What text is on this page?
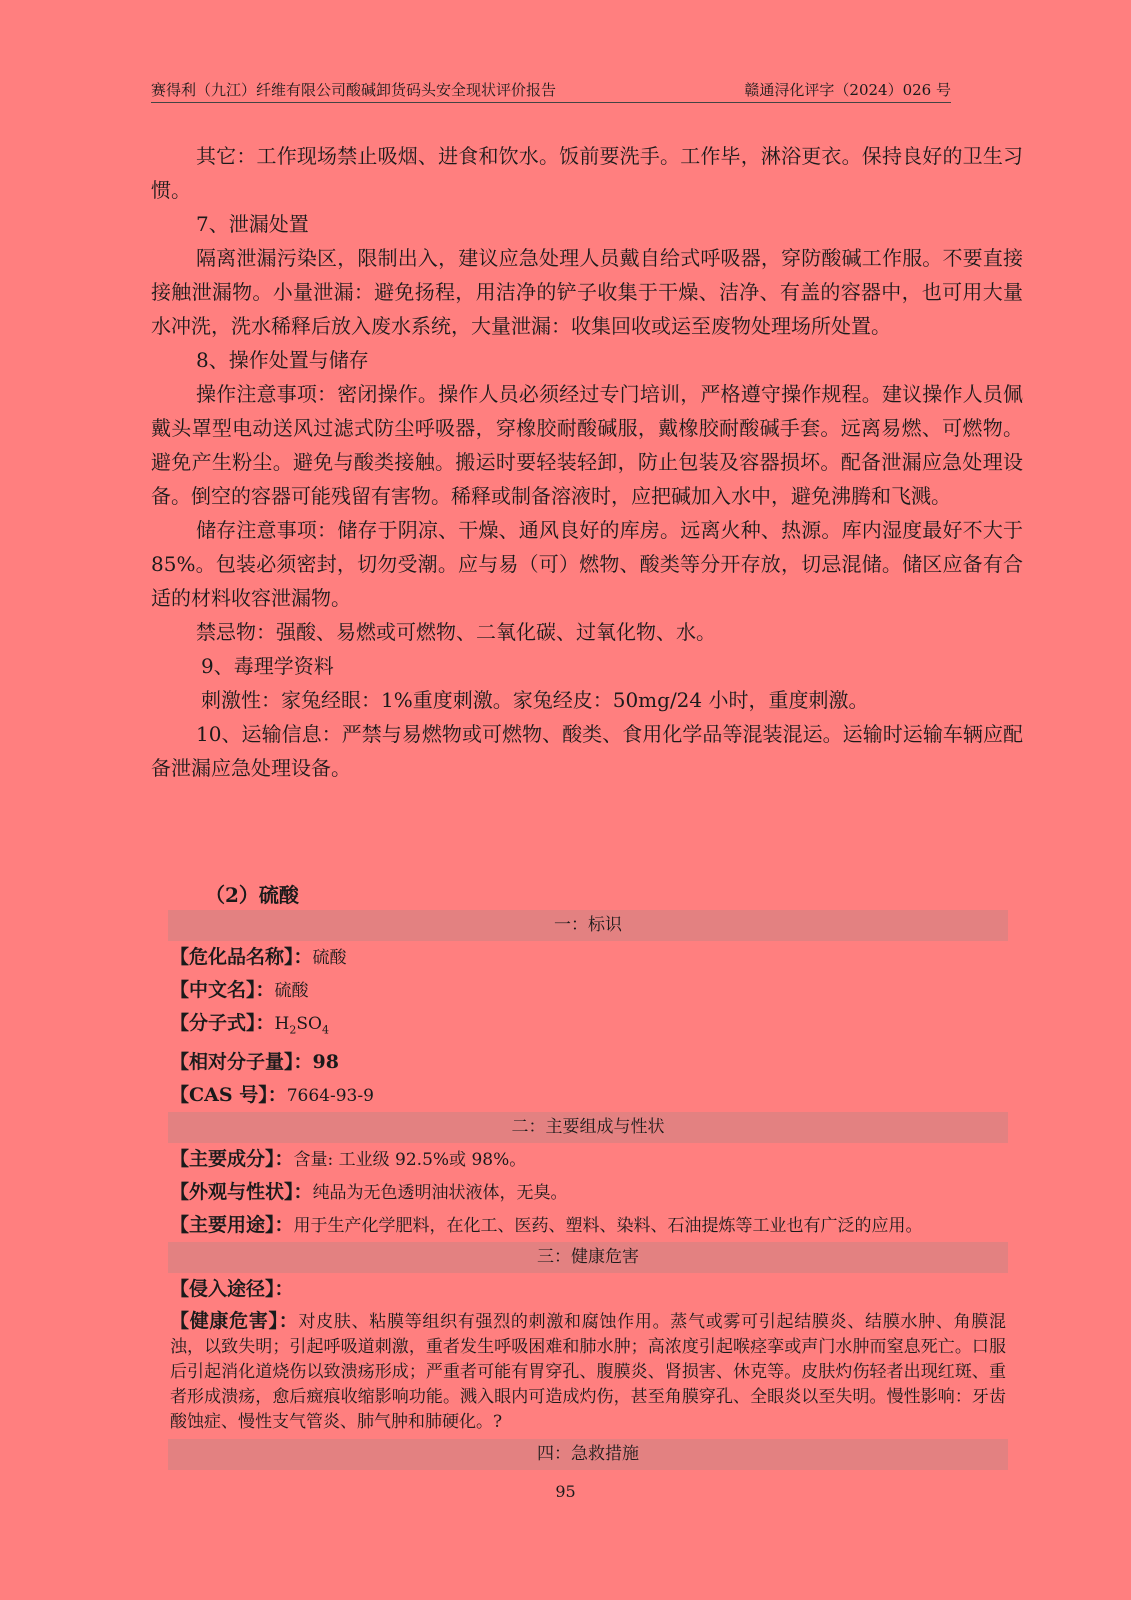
赛得利（九江）纤维有限公司酸碱卸货码头安全现状评价报告	赣通浔化评字（2024）026 号

其它：工作现场禁止吸烟、进食和饮水。饭前要洗手。工作毕，淋浴更衣。保持良好的卫生习惯。

7、泄漏处置

隔离泄漏污染区，限制出入，建议应急处理人员戴自给式呼吸器，穿防酸碱工作服。不要直接接触泄漏物。小量泄漏：避免扬程，用洁净的铲子收集于干燥、洁净、有盖的容器中，也可用大量水冲洗，洗水稀释后放入废水系统，大量泄漏：收集回收或运至废物处理场所处置。

8、操作处置与储存

操作注意事项：密闭操作。操作人员必须经过专门培训，严格遵守操作规程。建议操作人员佩戴头罩型电动送风过滤式防尘呼吸器，穿橡胶耐酸碱服，戴橡胶耐酸碱手套。远离易燃、可燃物。避免产生粉尘。避免与酸类接触。搬运时要轻装轻卸，防止包装及容器损坏。配备泄漏应急处理设备。倒空的容器可能残留有害物。稀释或制备溶液时，应把碱加入水中，避免沸腾和飞溅。

储存注意事项：储存于阴凉、干燥、通风良好的库房。远离火种、热源。库内湿度最好不大于 85%。包装必须密封，切勿受潮。应与易（可）燃物、酸类等分开存放，切忌混储。储区应备有合适的材料收容泄漏物。

禁忌物：强酸、易燃或可燃物、二氧化碳、过氧化物、水。

9、毒理学资料

刺激性：家兔经眼：1%重度刺激。家兔经皮：50mg/24 小时，重度刺激。

10、运输信息：严禁与易燃物或可燃物、酸类、食用化学品等混装混运。运输时运输车辆应配备泄漏应急处理设备。

（2）硫酸
一：标识
【危化品名称】：硫酸
【中文名】：硫酸
【分子式】：$H_2SO_4$
【相对分子量】：98
【CAS 号】：7664-93-9
二：主要组成与性状
【主要成分】：含量: 工业级 92.5%或 98%。
【外观与性状】：纯品为无色透明油状液体，无臭。
【主要用途】：用于生产化学肥料，在化工、医药、塑料、染料、石油提炼等工业也有广泛的应用。
三：健康危害
【侵入途径】：
【健康危害】：对皮肤、粘膜等组织有强烈的刺激和腐蚀作用。蒸气或雾可引起结膜炎、结膜水肿、角膜混浊，以致失明；引起呼吸道刺激，重者发生呼吸困难和肺水肿；高浓度引起喉痉挛或声门水肿而窒息死亡。口服后引起消化道烧伤以致溃疡形成；严重者可能有胃穿孔、腹膜炎、肾损害、休克等。皮肤灼伤轻者出现红斑、重者形成溃疡，愈后癍痕收缩影响功能。溅入眼内可造成灼伤，甚至角膜穿孔、全眼炎以至失明。慢性影响：牙齿酸蚀症、慢性支气管炎、肺气肿和肺硬化。?
四：急救措施
95
